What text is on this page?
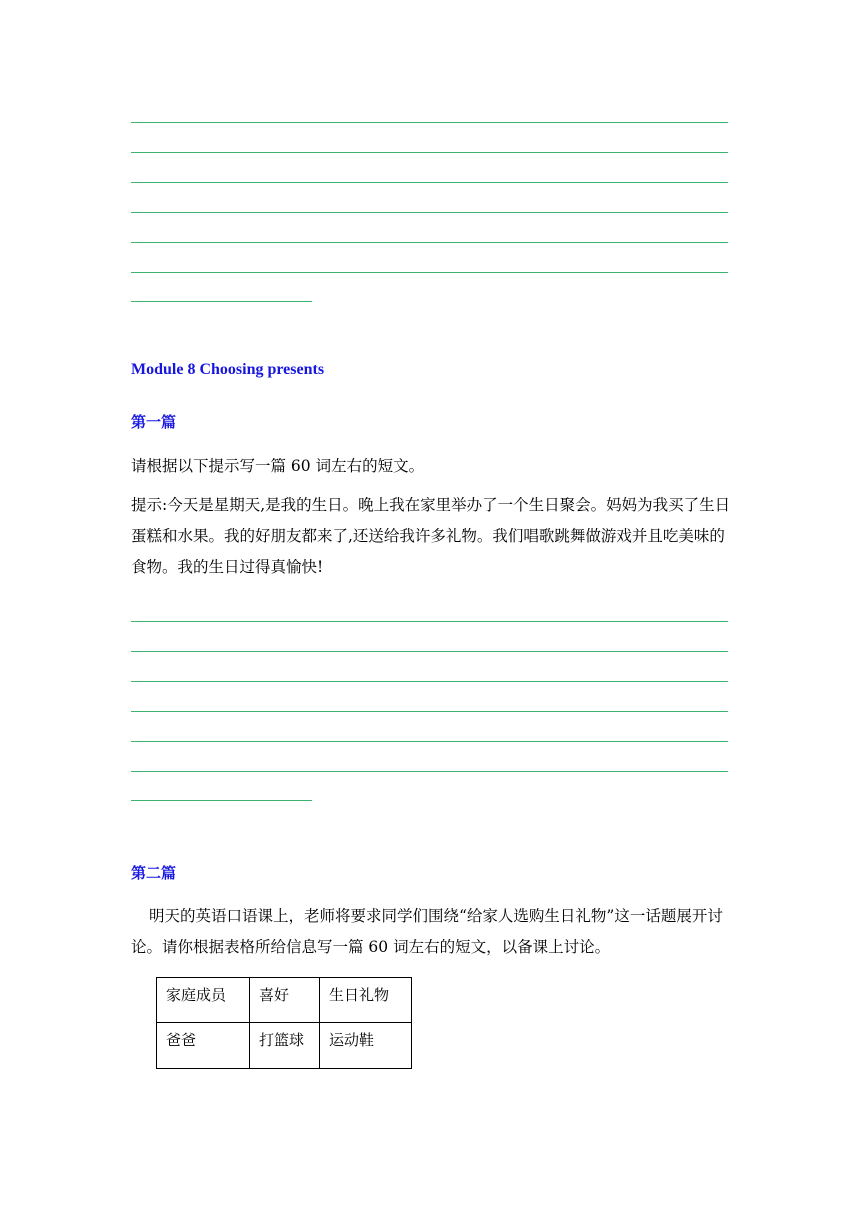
Module 8 Choosing presents
第一篇

请根据以下提示写一篇 60 词左右的短文。

提示:今天是星期天,是我的生日。晚上我在家里举办了一个生日聚会。妈妈为我买了生日蛋糕和水果。我的好朋友都来了,还送给我许多礼物。我们唱歌跳舞做游戏并且吃美味的食物。我的生日过得真愉快!

第二篇

明天的英语口语课上，老师将要求同学们围绕“给家人选购生日礼物”这一话题展开讨论。请你根据表格所给信息写一篇 60 词左右的短文，以备课上讨论。

家庭成员	喜好	生日礼物
爸爸	打篮球	运动鞋
